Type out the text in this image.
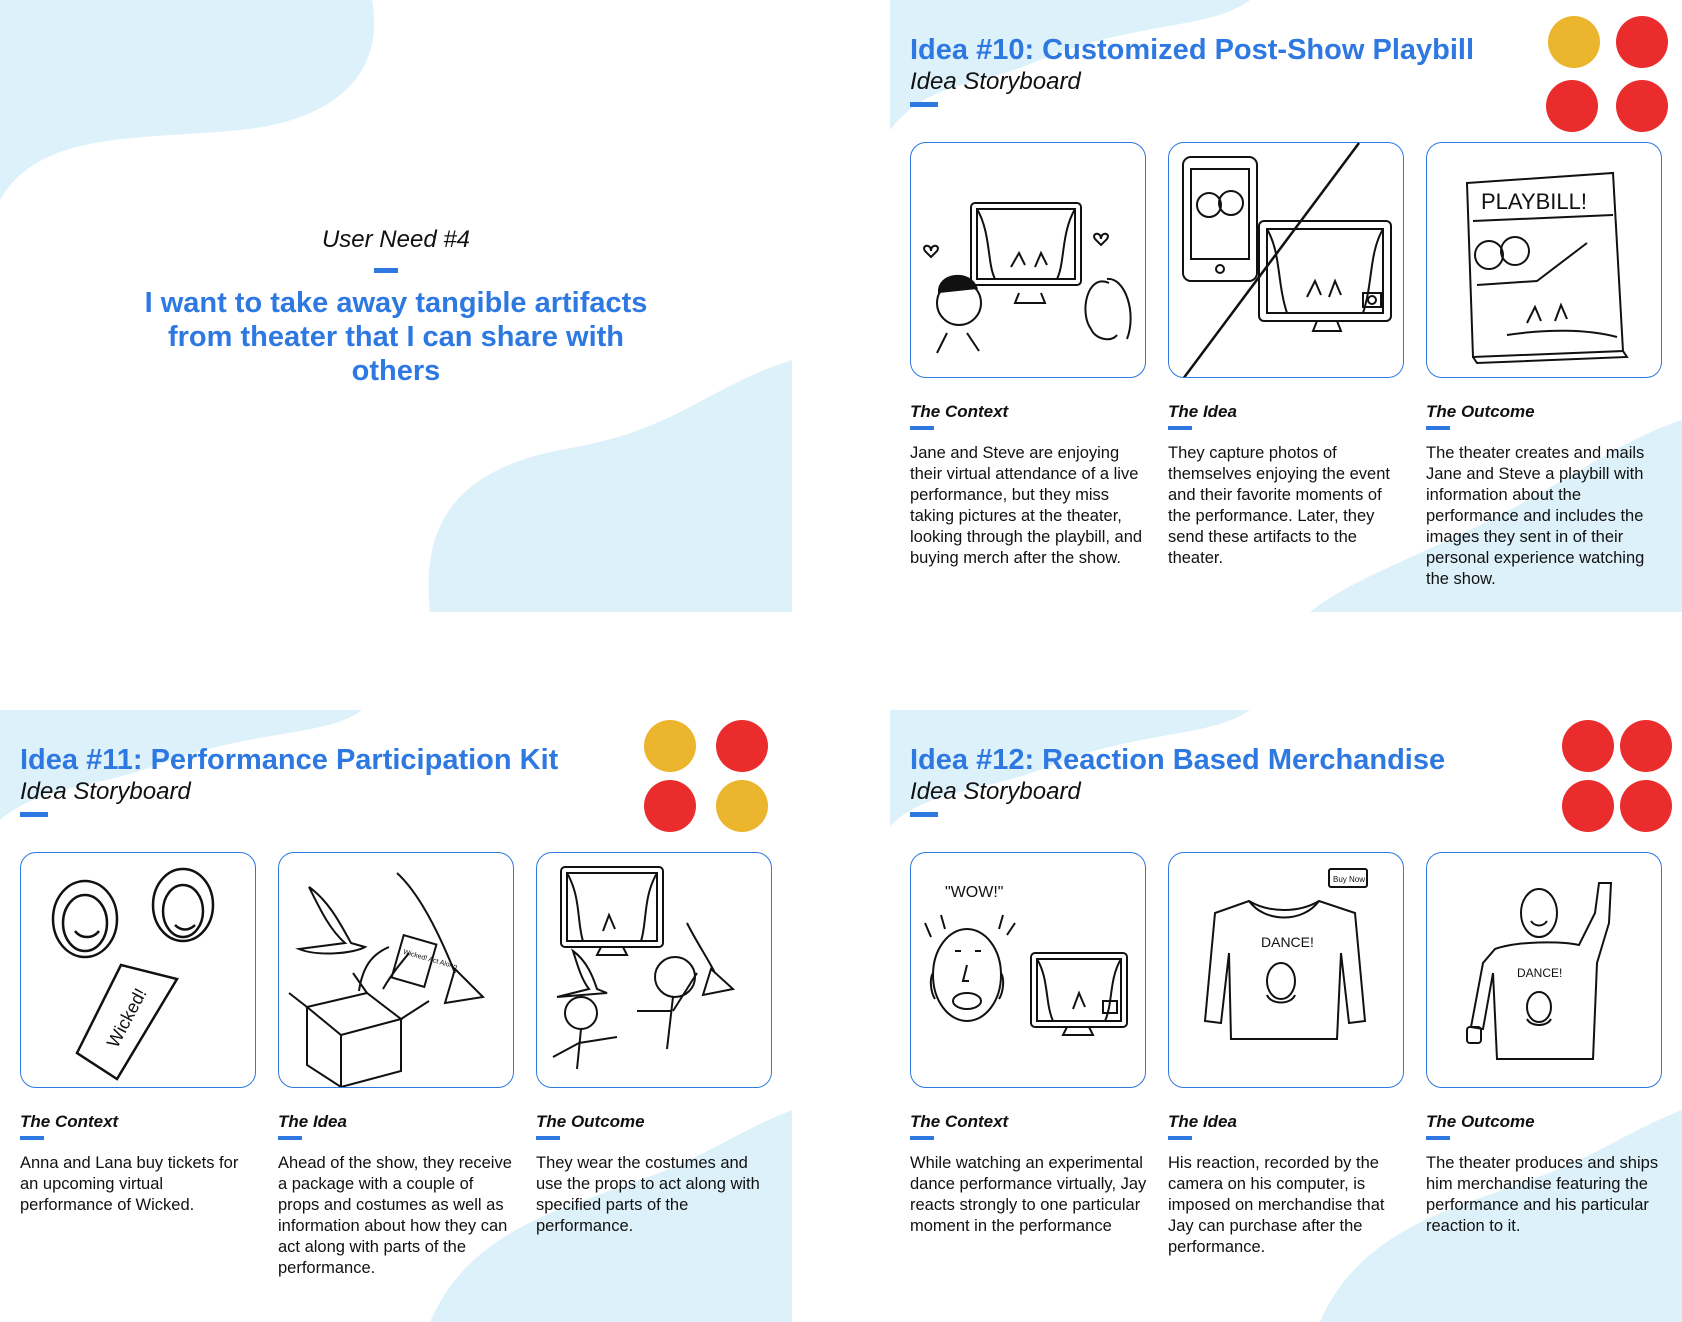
User Need #4
I want to take away tangible artifacts from theater that I can share with others
Idea #10: Customized Post-Show Playbill
Idea Storyboard
The Context
Jane and Steve are enjoying their virtual attendance of a live performance, but they miss taking pictures at the theater, looking through the playbill, and buying merch after the show.
The Idea
They capture photos of themselves enjoying the event and their favorite moments of the performance. Later, they send these artifacts to the theater.
PLAYBILL!
The Outcome
The theater creates and mails Jane and Steve a playbill with information about the performance and includes the images they sent in of their personal experience watching the show.
Idea #11: Performance Participation Kit
Idea Storyboard
Wicked!
The Context
Anna and Lana buy tickets for an upcoming virtual performance of Wicked.
Wicked! Act Along
The Idea
Ahead of the show, they receive a package with a couple of props and costumes as well as information about how they can act along with parts of the performance.
The Outcome
They wear the costumes and use the props to act along with specified parts of the performance.
Idea #12: Reaction Based Merchandise
Idea Storyboard
"WOW!"
The Context
While watching an experimental dance performance virtually, Jay reacts strongly to one particular moment in the performance
DANCE!
Buy Now
The Idea
His reaction, recorded by the camera on his computer, is imposed on merchandise that Jay can purchase after the performance.
DANCE!
The Outcome
The theater produces and ships him merchandise featuring the performance and his particular reaction to it.
